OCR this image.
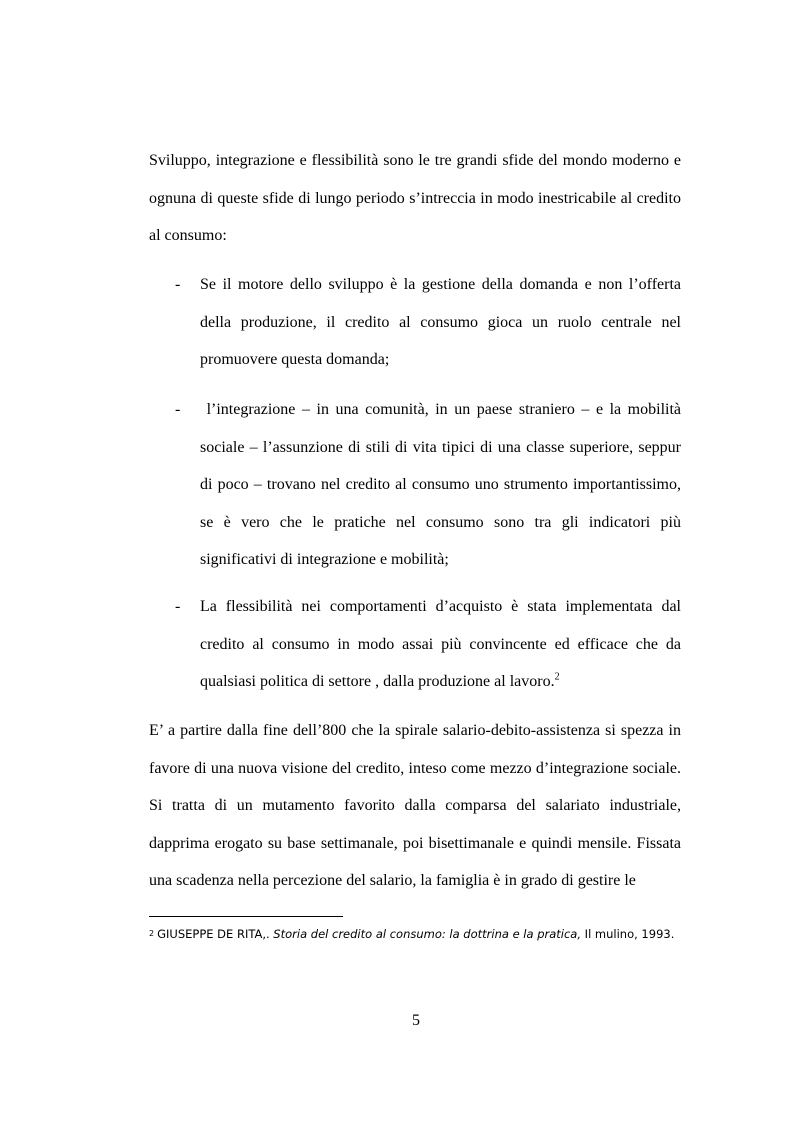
Sviluppo, integrazione e flessibilità sono le tre grandi sfide del mondo moderno e ognuna di queste sfide di lungo periodo s’intreccia in modo inestricabile al credito al consumo:

- Se il motore dello sviluppo è la gestione della domanda e non l’offerta della produzione, il credito al consumo gioca un ruolo centrale nel promuovere questa domanda;
- l’integrazione – in una comunità, in un paese straniero – e la mobilità sociale – l’assunzione di stili di vita tipici di una classe superiore, seppur di poco – trovano nel credito al consumo uno strumento importantissimo, se è vero che le pratiche nel consumo sono tra gli indicatori più significativi di integrazione e mobilità;
- La flessibilità nei comportamenti d’acquisto è stata implementata dal credito al consumo in modo assai più convincente ed efficace che da qualsiasi politica di settore , dalla produzione al lavoro.$^2$

E’ a partire dalla fine dell’800 che la spirale salario-debito-assistenza si spezza in favore di una nuova visione del credito, inteso come mezzo d’integrazione sociale. Si tratta di un mutamento favorito dalla comparsa del salariato industriale, dapprima erogato su base settimanale, poi bisettimanale e quindi mensile. Fissata una scadenza nella percezione del salario, la famiglia è in grado di gestire le

2 GIUSEPPE DE RITA,. Storia del credito al consumo: la dottrina e la pratica, Il mulino, 1993.

5
